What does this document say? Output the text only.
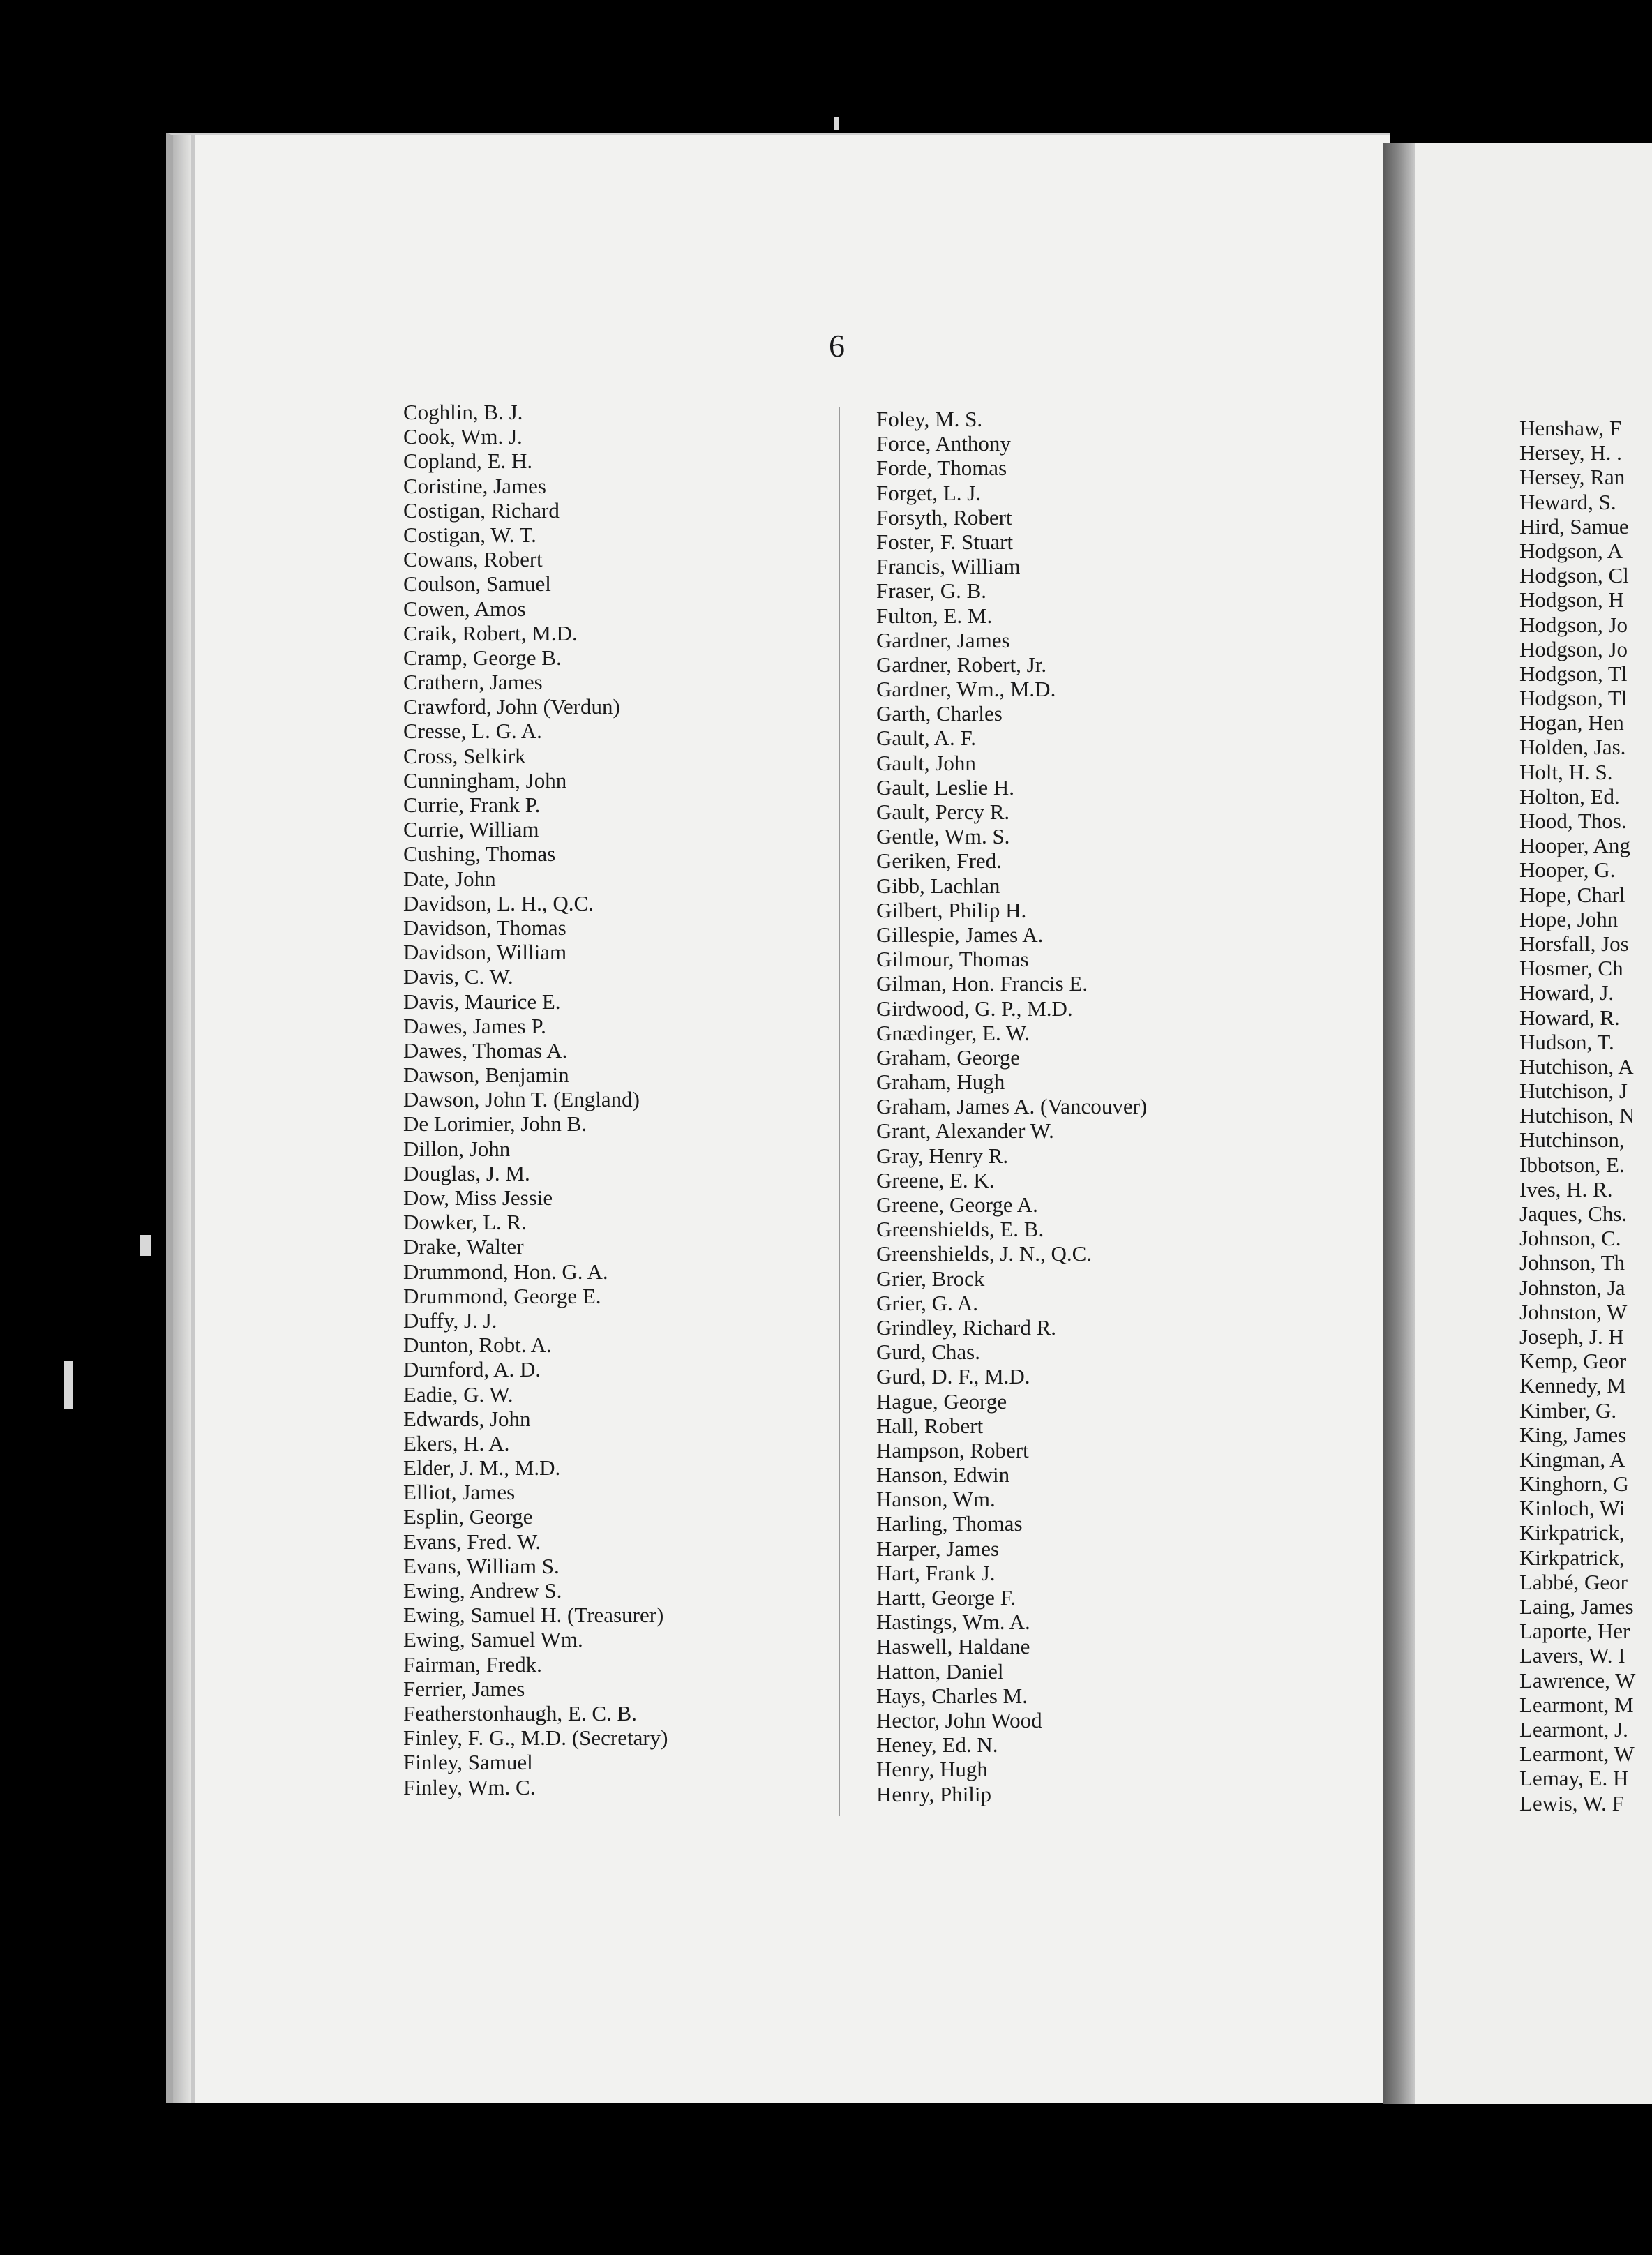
6
Coghlin, B. J.
Cook, Wm. J.
Copland, E. H.
Coristine, James
Costigan, Richard
Costigan, W. T.
Cowans, Robert
Coulson, Samuel
Cowen, Amos
Craik, Robert, M.D.
Cramp, George B.
Crathern, James
Crawford, John (Verdun)
Cresse, L. G. A.
Cross, Selkirk
Cunningham, John
Currie, Frank P.
Currie, William
Cushing, Thomas
Date, John
Davidson, L. H., Q.C.
Davidson, Thomas
Davidson, William
Davis, C. W.
Davis, Maurice E.
Dawes, James P.
Dawes, Thomas A.
Dawson, Benjamin
Dawson, John T. (England)
De Lorimier, John B.
Dillon, John
Douglas, J. M.
Dow, Miss Jessie
Dowker, L. R.
Drake, Walter
Drummond, Hon. G. A.
Drummond, George E.
Duffy, J. J.
Dunton, Robt. A.
Durnford, A. D.
Eadie, G. W.
Edwards, John
Ekers, H. A.
Elder, J. M., M.D.
Elliot, James
Esplin, George
Evans, Fred. W.
Evans, William S.
Ewing, Andrew S.
Ewing, Samuel H. (Treasurer)
Ewing, Samuel Wm.
Fairman, Fredk.
Ferrier, James
Featherstonhaugh, E. C. B.
Finley, F. G., M.D. (Secretary)
Finley, Samuel
Finley, Wm. C.
Foley, M. S.
Force, Anthony
Forde, Thomas
Forget, L. J.
Forsyth, Robert
Foster, F. Stuart
Francis, William
Fraser, G. B.
Fulton, E. M.
Gardner, James
Gardner, Robert, Jr.
Gardner, Wm., M.D.
Garth, Charles
Gault, A. F.
Gault, John
Gault, Leslie H.
Gault, Percy R.
Gentle, Wm. S.
Geriken, Fred.
Gibb, Lachlan
Gilbert, Philip H.
Gillespie, James A.
Gilmour, Thomas
Gilman, Hon. Francis E.
Girdwood, G. P., M.D.
Gnædinger, E. W.
Graham, George
Graham, Hugh
Graham, James A. (Vancouver)
Grant, Alexander W.
Gray, Henry R.
Greene, E. K.
Greene, George A.
Greenshields, E. B.
Greenshields, J. N., Q.C.
Grier, Brock
Grier, G. A.
Grindley, Richard R.
Gurd, Chas.
Gurd, D. F., M.D.
Hague, George
Hall, Robert
Hampson, Robert
Hanson, Edwin
Hanson, Wm.
Harling, Thomas
Harper, James
Hart, Frank J.
Hartt, George F.
Hastings, Wm. A.
Haswell, Haldane
Hatton, Daniel
Hays, Charles M.
Hector, John Wood
Heney, Ed. N.
Henry, Hugh
Henry, Philip
Henshaw, F
Hersey, H. .
Hersey, Ran
Heward, S.
Hird, Samue
Hodgson, A
Hodgson, Cl
Hodgson, H
Hodgson, Jo
Hodgson, Jo
Hodgson, Tl
Hodgson, Tl
Hogan, Hen
Holden, Jas.
Holt, H. S.
Holton, Ed.
Hood, Thos.
Hooper, Ang
Hooper, G.
Hope, Charl
Hope, John
Horsfall, Jos
Hosmer, Ch
Howard, J.
Howard, R.
Hudson, T.
Hutchison, A
Hutchison, J
Hutchison, N
Hutchinson,
Ibbotson, E.
Ives, H. R.
Jaques, Chs.
Johnson, C.
Johnson, Th
Johnston, Ja
Johnston, W
Joseph, J. H
Kemp, Geor
Kennedy, M
Kimber, G.
King, James
Kingman, A
Kinghorn, G
Kinloch, Wi
Kirkpatrick,
Kirkpatrick,
Labbé, Geor
Laing, James
Laporte, Her
Lavers, W. I
Lawrence, W
Learmont, M
Learmont, J.
Learmont, W
Lemay, E. H
Lewis, W. F
